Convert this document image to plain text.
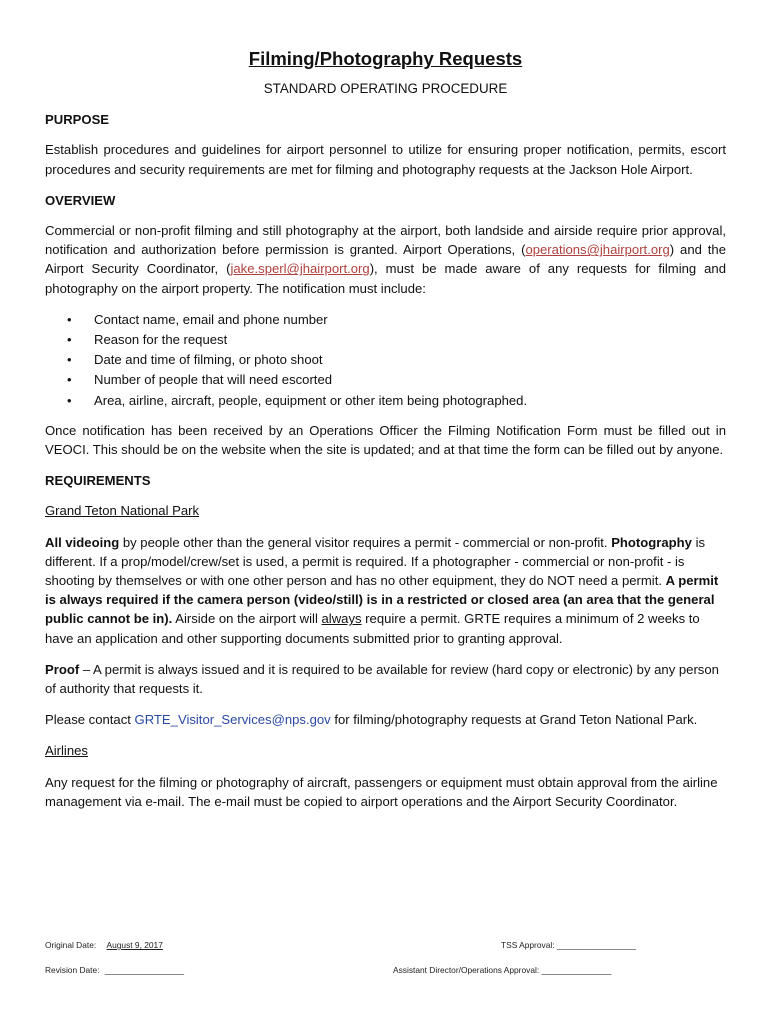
Filming/Photography Requests
STANDARD OPERATING PROCEDURE
PURPOSE

Establish procedures and guidelines for airport personnel to utilize for ensuring proper notification, permits, escort procedures and security requirements are met for filming and photography requests at the Jackson Hole Airport.

OVERVIEW

Commercial or non-profit filming and still photography at the airport, both landside and airside require prior approval, notification and authorization before permission is granted. Airport Operations, (operations@jhairport.org) and the Airport Security Coordinator, (jake.sperl@jhairport.org), must be made aware of any requests for filming and photography on the airport property. The notification must include:

• Contact name, email and phone number
• Reason for the request
• Date and time of filming, or photo shoot
• Number of people that will need escorted
• Area, airline, aircraft, people, equipment or other item being photographed.

Once notification has been received by an Operations Officer the Filming Notification Form must be filled out in VEOCI. This should be on the website when the site is updated; and at that time the form can be filled out by anyone.

REQUIREMENTS

Grand Teton National Park

All videoing by people other than the general visitor requires a permit - commercial or non-profit. Photography is different. If a prop/model/crew/set is used, a permit is required. If a photographer - commercial or non-profit - is shooting by themselves or with one other person and has no other equipment, they do NOT need a permit. A permit is always required if the camera person (video/still) is in a restricted or closed area (an area that the general public cannot be in). Airside on the airport will always require a permit. GRTE requires a minimum of 2 weeks to have an application and other supporting documents submitted prior to granting approval.

Proof – A permit is always issued and it is required to be available for review (hard copy or electronic) by any person of authority that requests it.

Please contact GRTE_Visitor_Services@nps.gov for filming/photography requests at Grand Teton National Park.

Airlines

Any request for the filming or photography of aircraft, passengers or equipment must obtain approval from the airline management via e-mail. The e-mail must be copied to airport operations and the Airport Security Coordinator.

Original Date: August 9, 2017	TSS Approval: _________________
Revision Date: _________________	Assistant Director/Operations Approval: _______________
